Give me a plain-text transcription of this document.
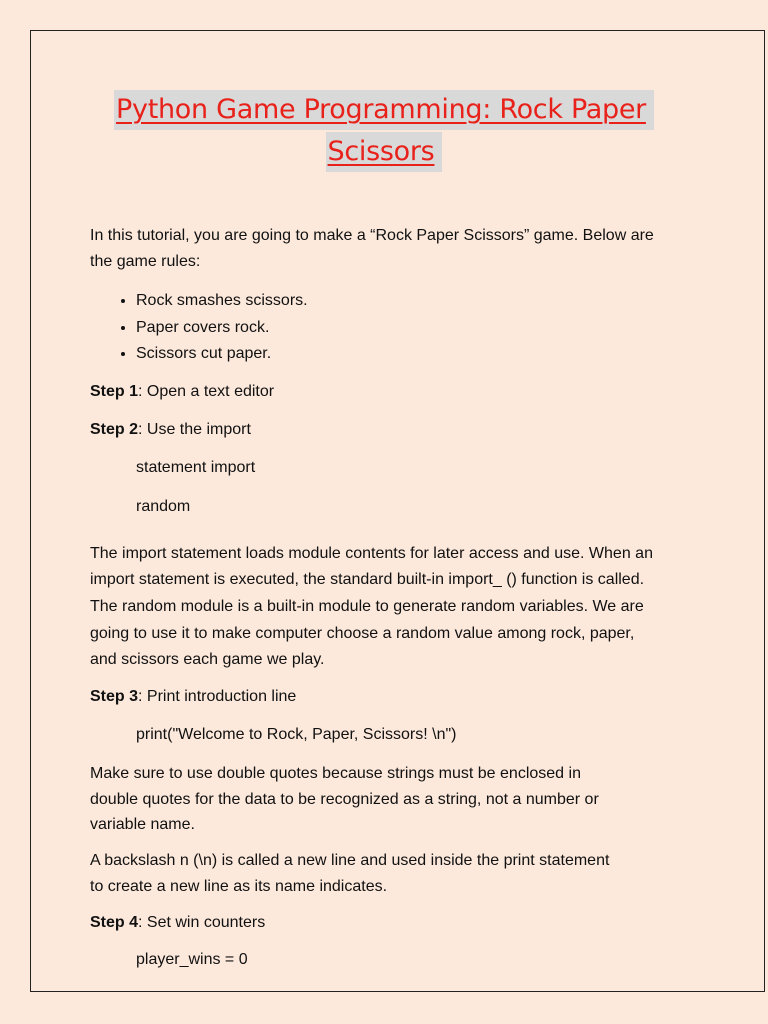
Python Game Programming: Rock Paper
Scissors
In this tutorial, you are going to make a “Rock Paper Scissors” game. Below are
the game rules:
• Rock smashes scissors.
• Paper covers rock.
• Scissors cut paper.
Step 1: Open a text editor
Step 2: Use the import
statement import
random
The import statement loads module contents for later access and use. When an
import statement is executed, the standard built-in import_ () function is called.
The random module is a built-in module to generate random variables. We are
going to use it to make computer choose a random value among rock, paper,
and scissors each game we play.
Step 3: Print introduction line
print("Welcome to Rock, Paper, Scissors! \n")
Make sure to use double quotes because strings must be enclosed in
double quotes for the data to be recognized as a string, not a number or
variable name.
A backslash n (\n) is called a new line and used inside the print statement
to create a new line as its name indicates.
Step 4: Set win counters
player_wins = 0
